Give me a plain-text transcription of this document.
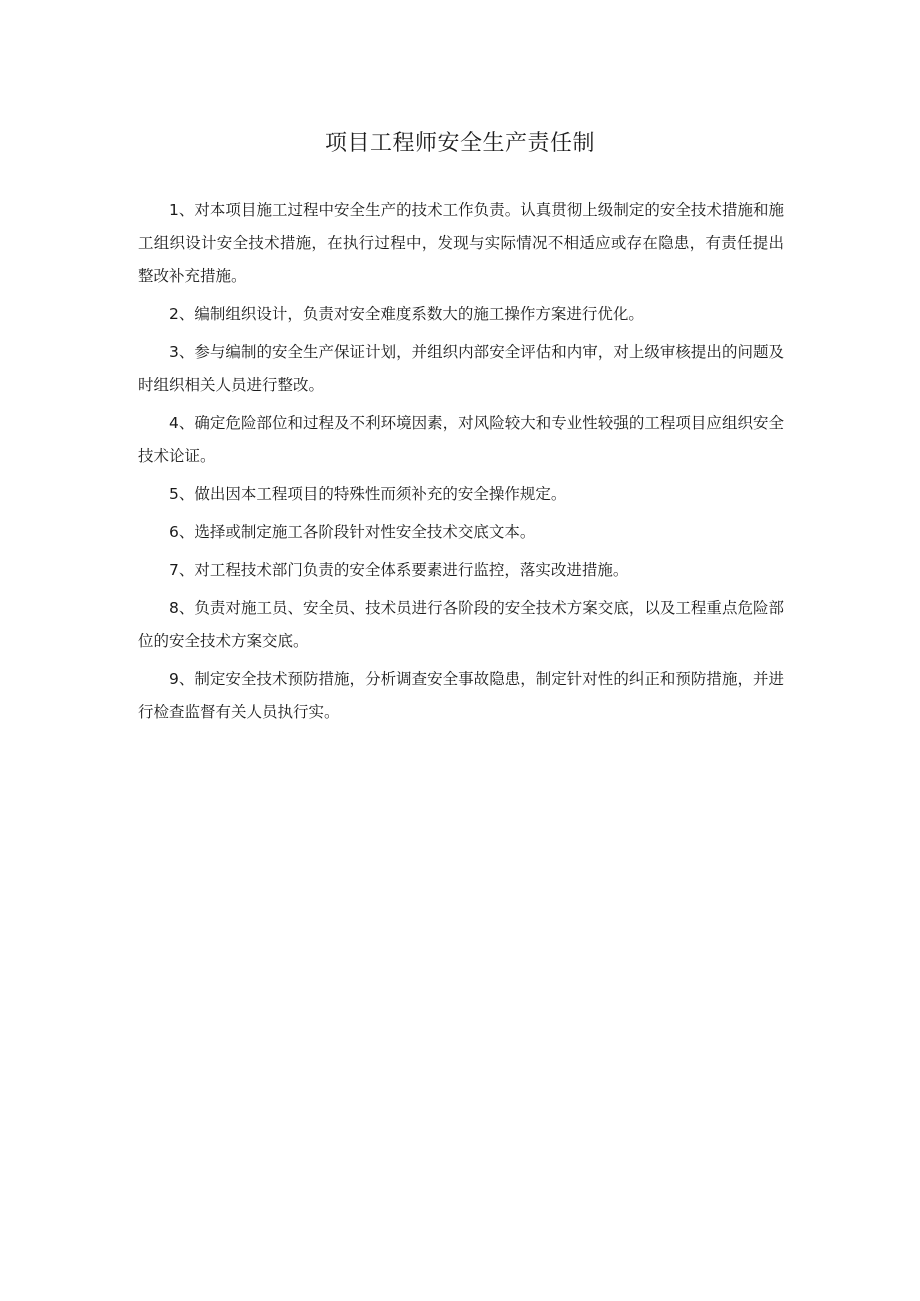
项目工程师安全生产责任制

1、对本项目施工过程中安全生产的技术工作负责。认真贯彻上级制定的安全技术措施和施工组织设计安全技术措施，在执行过程中，发现与实际情况不相适应或存在隐患，有责任提出整改补充措施。

2、编制组织设计，负责对安全难度系数大的施工操作方案进行优化。

3、参与编制的安全生产保证计划，并组织内部安全评估和内审，对上级审核提出的问题及时组织相关人员进行整改。

4、确定危险部位和过程及不利环境因素，对风险较大和专业性较强的工程项目应组织安全技术论证。

5、做出因本工程项目的特殊性而须补充的安全操作规定。

6、选择或制定施工各阶段针对性安全技术交底文本。

7、对工程技术部门负责的安全体系要素进行监控，落实改进措施。

8、负责对施工员、安全员、技术员进行各阶段的安全技术方案交底，以及工程重点危险部位的安全技术方案交底。

9、制定安全技术预防措施，分析调查安全事故隐患，制定针对性的纠正和预防措施，并进行检查监督有关人员执行实。
